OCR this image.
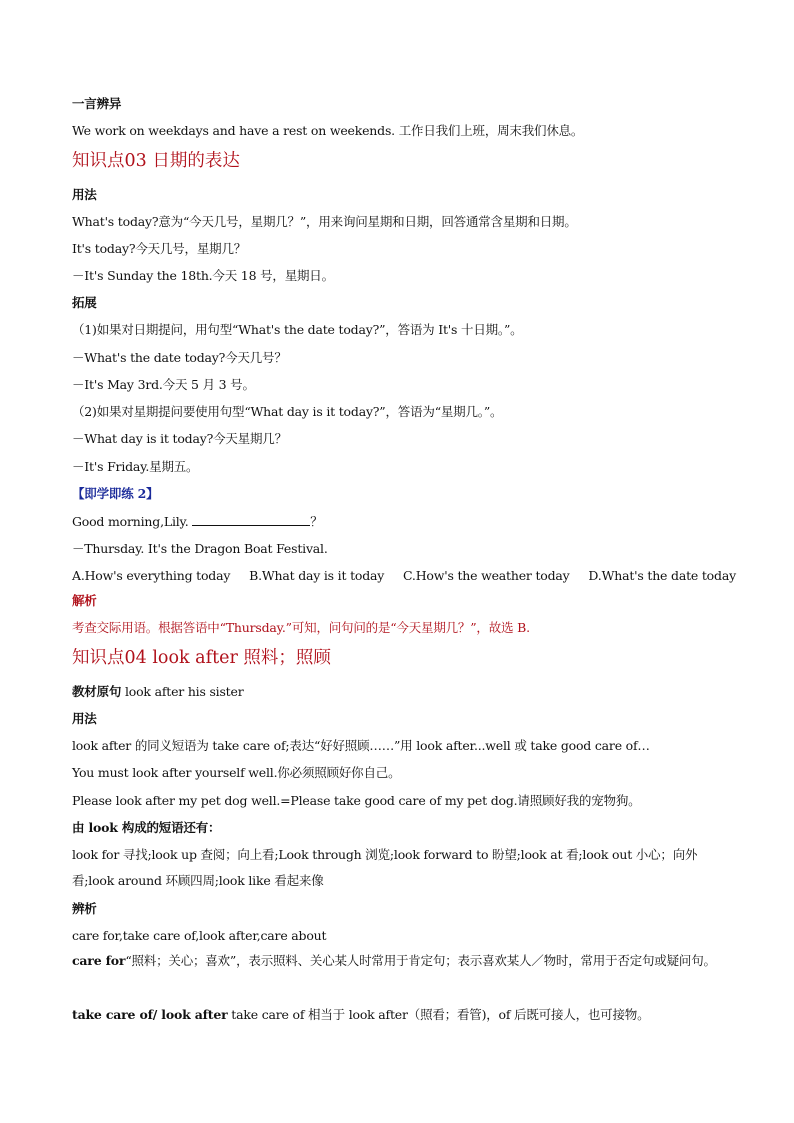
一言辨异
We work on weekdays and have a rest on weekends. 工作日我们上班，周末我们休息。
知识点03 日期的表达
用法
What's today?意为“今天几号，星期几？”，用来询问星期和日期，回答通常含星期和日期。
It's today?今天几号，星期几？
－It's Sunday the 18th.今天 18 号，星期日。
拓展
（1)如果对日期提问，用句型“What's the date today?”，答语为 It's 十日期。”。
－What's the date today?今天几号？
－It's May 3rd.今天 5 月 3 号。
（2)如果对星期提问要使用句型“What day is it today?”，答语为“星期几。”。
－What day is it today?今天星期几？
－It's Friday.星期五。
【即学即练 2】
Good morning,Lily.	？
－Thursday. It's the Dragon Boat Festival.
A.How's everything today B.What day is it today C.How's the weather today D.What's the date today
解析
考查交际用语。根据答语中“Thursday.”可知，问句问的是“今天星期几？”，故选 B.
知识点04 look after 照料；照顾
教材原句 look after his sister
用法
look after 的同义短语为 take care of;表达“好好照顾……”用 look after...well 或 take good care of…
You must look after yourself well.你必须照顾好你自己。
Please look after my pet dog well.=Please take good care of my pet dog.请照顾好我的宠物狗。
由 look 构成的短语还有：
look for 寻找;look up 查阅；向上看;Look through 浏览;look forward to 盼望;look at 看;look out 小心；向外看;look around 环顾四周;look like 看起来像
辨析
care for,take care of,look after,care about
care for“照料；关心；喜欢”，表示照料、关心某人时常用于肯定句；表示喜欢某人／物时，常用于否定句或疑问句。
take care of/ look after take care of 相当于 look after（照看；看管)，of 后既可接人，也可接物。
